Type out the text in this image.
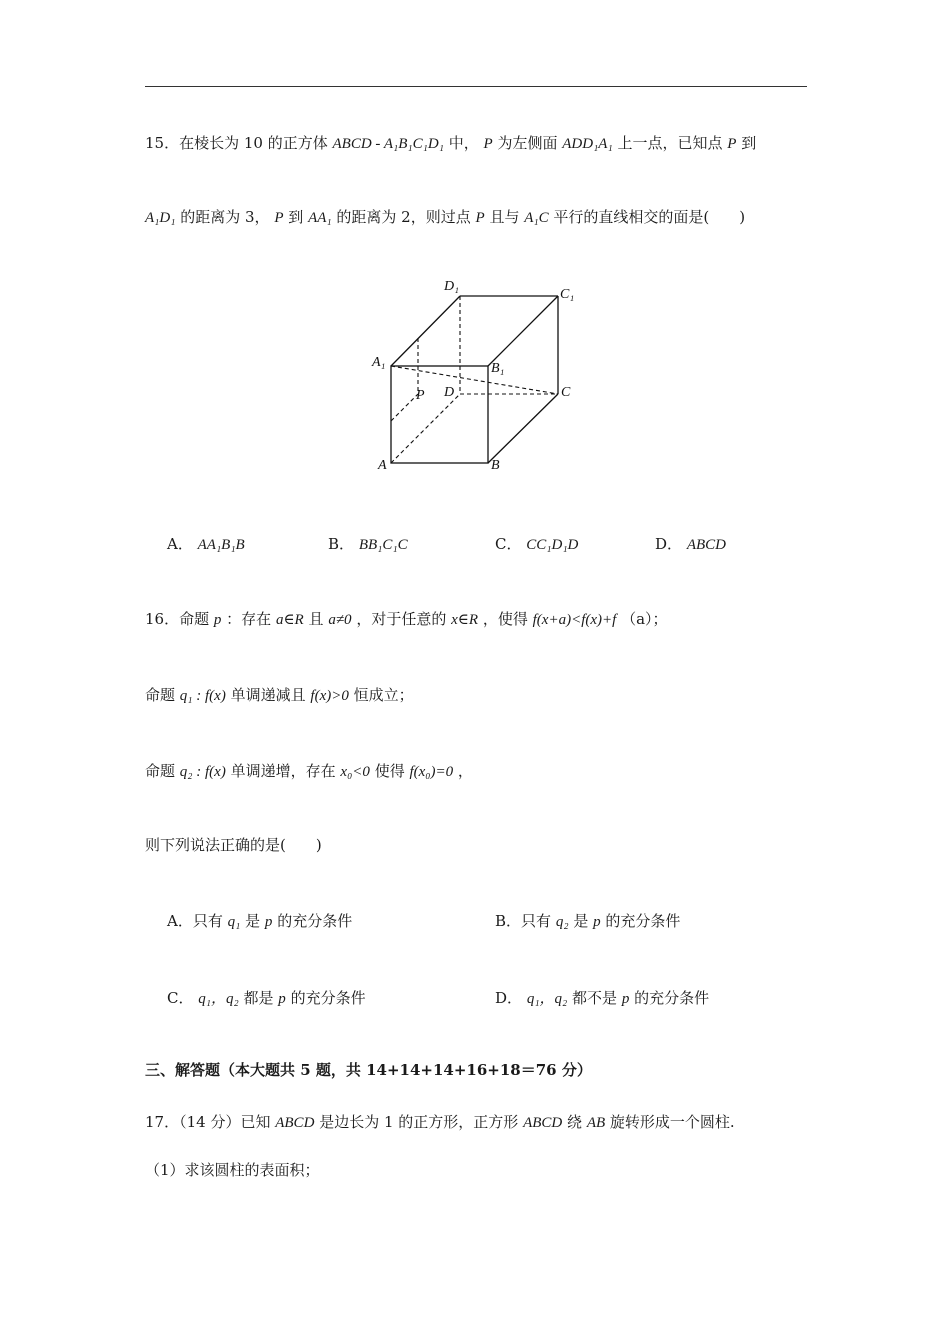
15．在棱长为 10 的正方体 ABCD - A₁B₁C₁D₁ 中， P 为左侧面 ADD₁A₁ 上一点，已知点 P 到
A₁D₁ 的距离为 3， P 到 AA₁ 的距离为 2，则过点 P 且与 A₁C 平行的直线相交的面是(　　)
D₁
C₁
A₁	B₁
P D	C
A	B
A． AA₁B₁B	B． BB₁C₁C	C． CC₁D₁D	D． ABCD
16．命题 p ：存在 a∈R 且 a≠0 ，对于任意的 x∈R ，使得 f(x+a)<f(x)+f （a）；
命题 q₁ : f(x) 单调递减且 f(x)>0 恒成立；
命题 q₂ : f(x) 单调递增，存在 x₀<0 使得 f(x₀)=0 ，
则下列说法正确的是(　　)
A．只有 q₁ 是 p 的充分条件	B．只有 q₂ 是 p 的充分条件
C． q₁，q₂ 都是 p 的充分条件	D． q₁，q₂ 都不是 p 的充分条件
三、解答题（本大题共 5 题，共 14+14+14+16+18＝76 分）
17．（14 分）已知 ABCD 是边长为 1 的正方形，正方形 ABCD 绕 AB 旋转形成一个圆柱.
（1）求该圆柱的表面积；
